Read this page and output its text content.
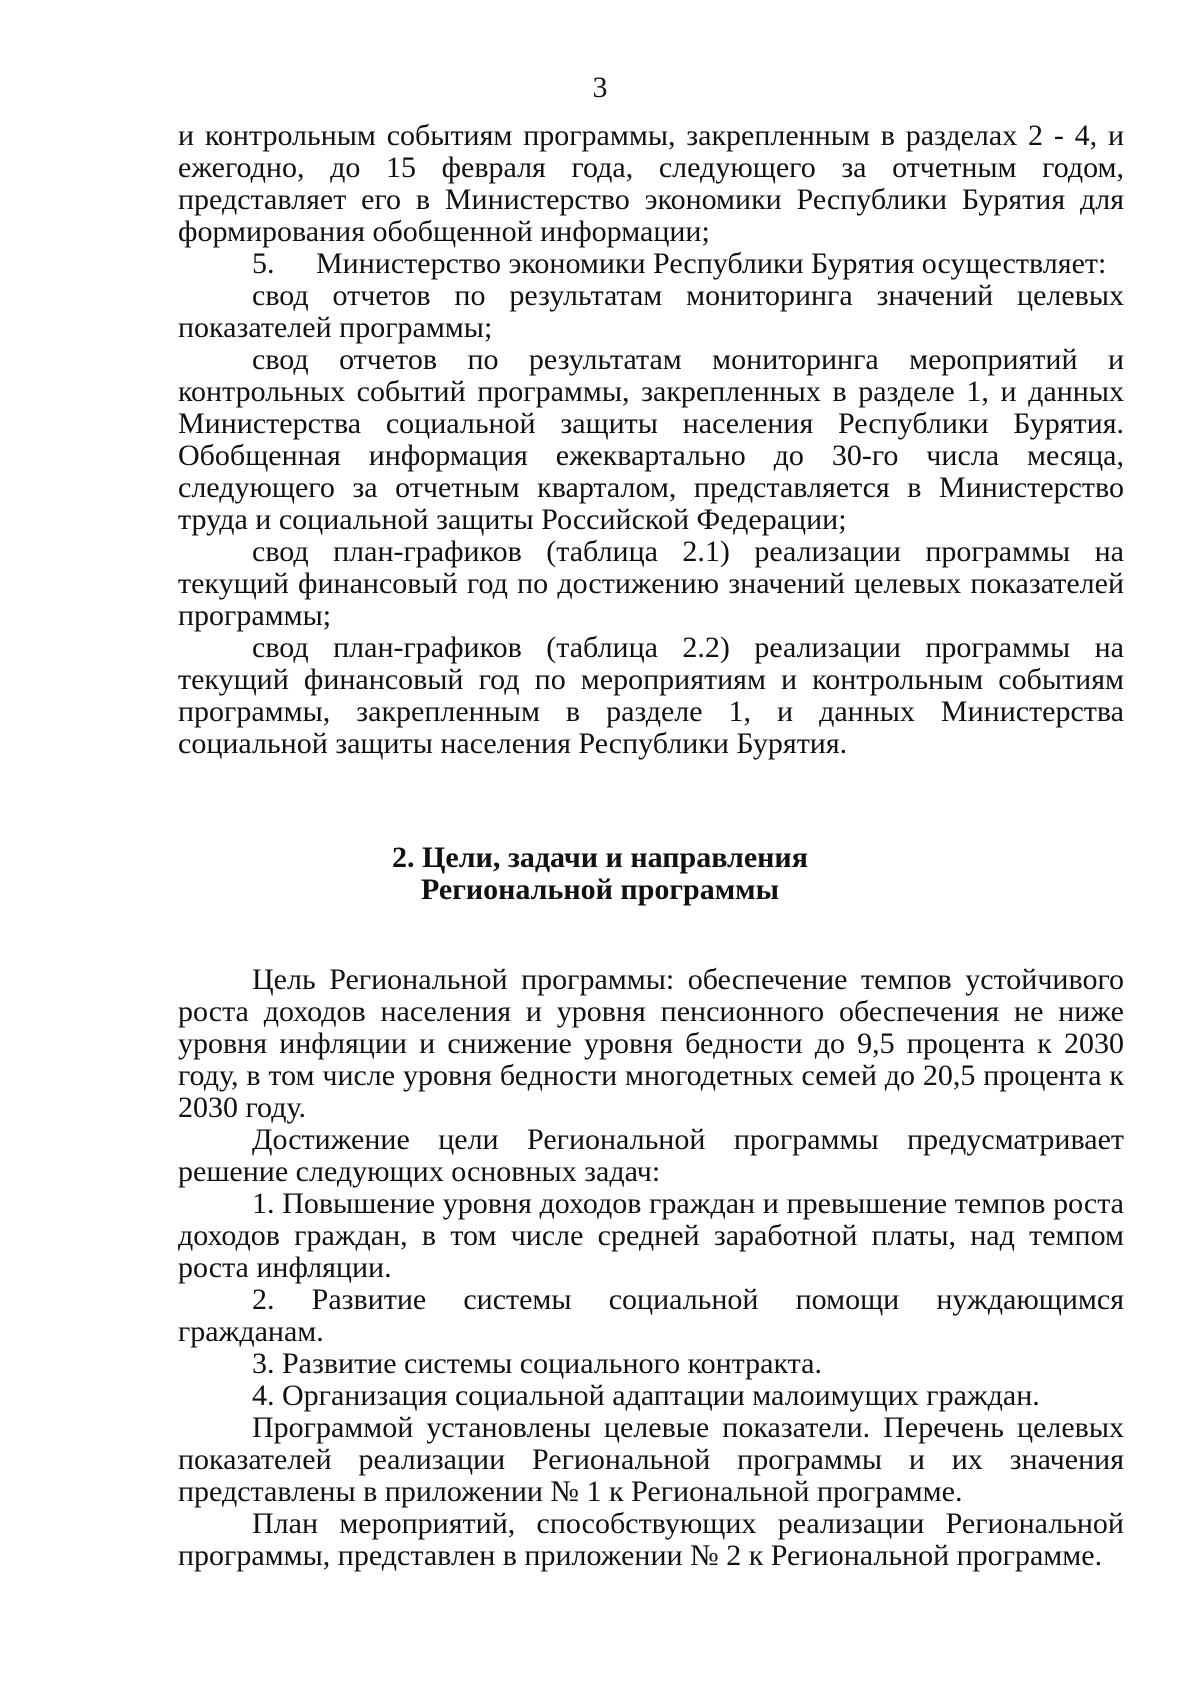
3

и контрольным событиям программы, закрепленным в разделах 2 - 4, и ежегодно, до 15 февраля года, следующего за отчетным годом, представляет его в Министерство экономики Республики Бурятия для формирования обобщенной информации;

5. Министерство экономики Республики Бурятия осуществляет:

свод отчетов по результатам мониторинга значений целевых показателей программы;

свод отчетов по результатам мониторинга мероприятий и контрольных событий программы, закрепленных в разделе 1, и данных Министерства социальной защиты населения Республики Бурятия. Обобщенная информация ежеквартально до 30-го числа месяца, следующего за отчетным кварталом, представляется в Министерство труда и социальной защиты Российской Федерации;

свод план-графиков (таблица 2.1) реализации программы на текущий финансовый год по достижению значений целевых показателей программы;

свод план-графиков (таблица 2.2) реализации программы на текущий финансовый год по мероприятиям и контрольным событиям программы, закрепленным в разделе 1, и данных Министерства социальной защиты населения Республики Бурятия.

2. Цели, задачи и направления

Региональной программы

Цель Региональной программы: обеспечение темпов устойчивого роста доходов населения и уровня пенсионного обеспечения не ниже уровня инфляции и снижение уровня бедности до 9,5 процента к 2030 году, в том числе уровня бедности многодетных семей до 20,5 процента к 2030 году.

Достижение цели Региональной программы предусматривает решение следующих основных задач:

1. Повышение уровня доходов граждан и превышение темпов роста доходов граждан, в том числе средней заработной платы, над темпом роста инфляции.

2. Развитие системы социальной помощи нуждающимся гражданам.

3. Развитие системы социального контракта.

4. Организация социальной адаптации малоимущих граждан.

Программой установлены целевые показатели. Перечень целевых показателей реализации Региональной программы и их значения представлены в приложении № 1 к Региональной программе.

План мероприятий, способствующих реализации Региональной программы, представлен в приложении № 2 к Региональной программе.
